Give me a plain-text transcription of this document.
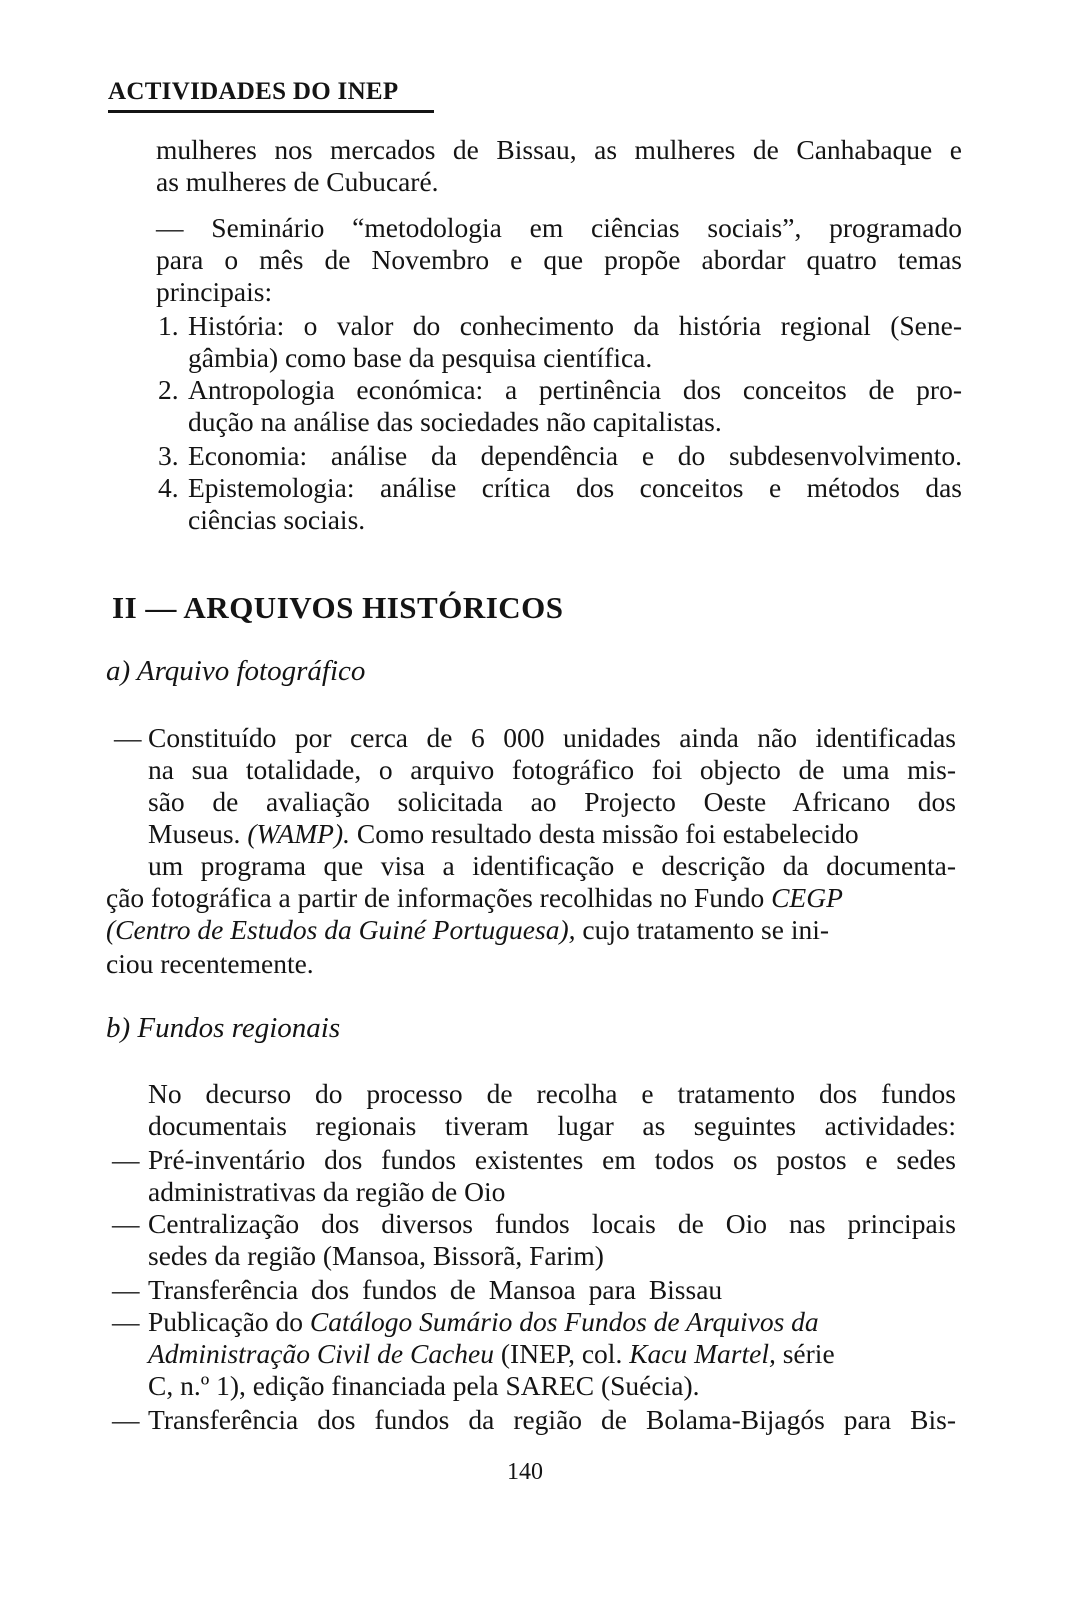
ACTIVIDADES DO INEP
mulheres nos mercados de Bissau, as mulheres de Canhabaque e
as mulheres de Cubucaré.
— Seminário “metodologia em ciências sociais”, programado
para o mês de Novembro e que propõe abordar quatro temas
principais:
1. História: o valor do conhecimento da história regional (Sene-
gâmbia) como base da pesquisa científica.
2. Antropologia económica: a pertinência dos conceitos de pro-
dução na análise das sociedades não capitalistas.
3. Economia: análise da dependência e do subdesenvolvimento.
4. Epistemologia: análise crítica dos conceitos e métodos das
ciências sociais.
II — ARQUIVOS HISTÓRICOS
a) Arquivo fotográfico
— Constituído por cerca de 6 000 unidades ainda não identificadas
na sua totalidade, o arquivo fotográfico foi objecto de uma mis-
são de avaliação solicitada ao Projecto Oeste Africano dos
Museus. (WAMP). Como resultado desta missão foi estabelecido
um programa que visa a identificação e descrição da documenta-
ção fotográfica a partir de informações recolhidas no Fundo CEGP
(Centro de Estudos da Guiné Portuguesa), cujo tratamento se ini-
ciou recentemente.
b) Fundos regionais
No decurso do processo de recolha e tratamento dos fundos
documentais regionais tiveram lugar as seguintes actividades:
— Pré-inventário dos fundos existentes em todos os postos e sedes
administrativas da região de Oio
— Centralização dos diversos fundos locais de Oio nas principais
sedes da região (Mansoa, Bissorã, Farim)
— Transferência dos fundos de Mansoa para Bissau
— Publicação do Catálogo Sumário dos Fundos de Arquivos da
Administração Civil de Cacheu (INEP, col. Kacu Martel, série
C, n.º 1), edição financiada pela SAREC (Suécia).
— Transferência dos fundos da região de Bolama-Bijagós para Bis-
140
